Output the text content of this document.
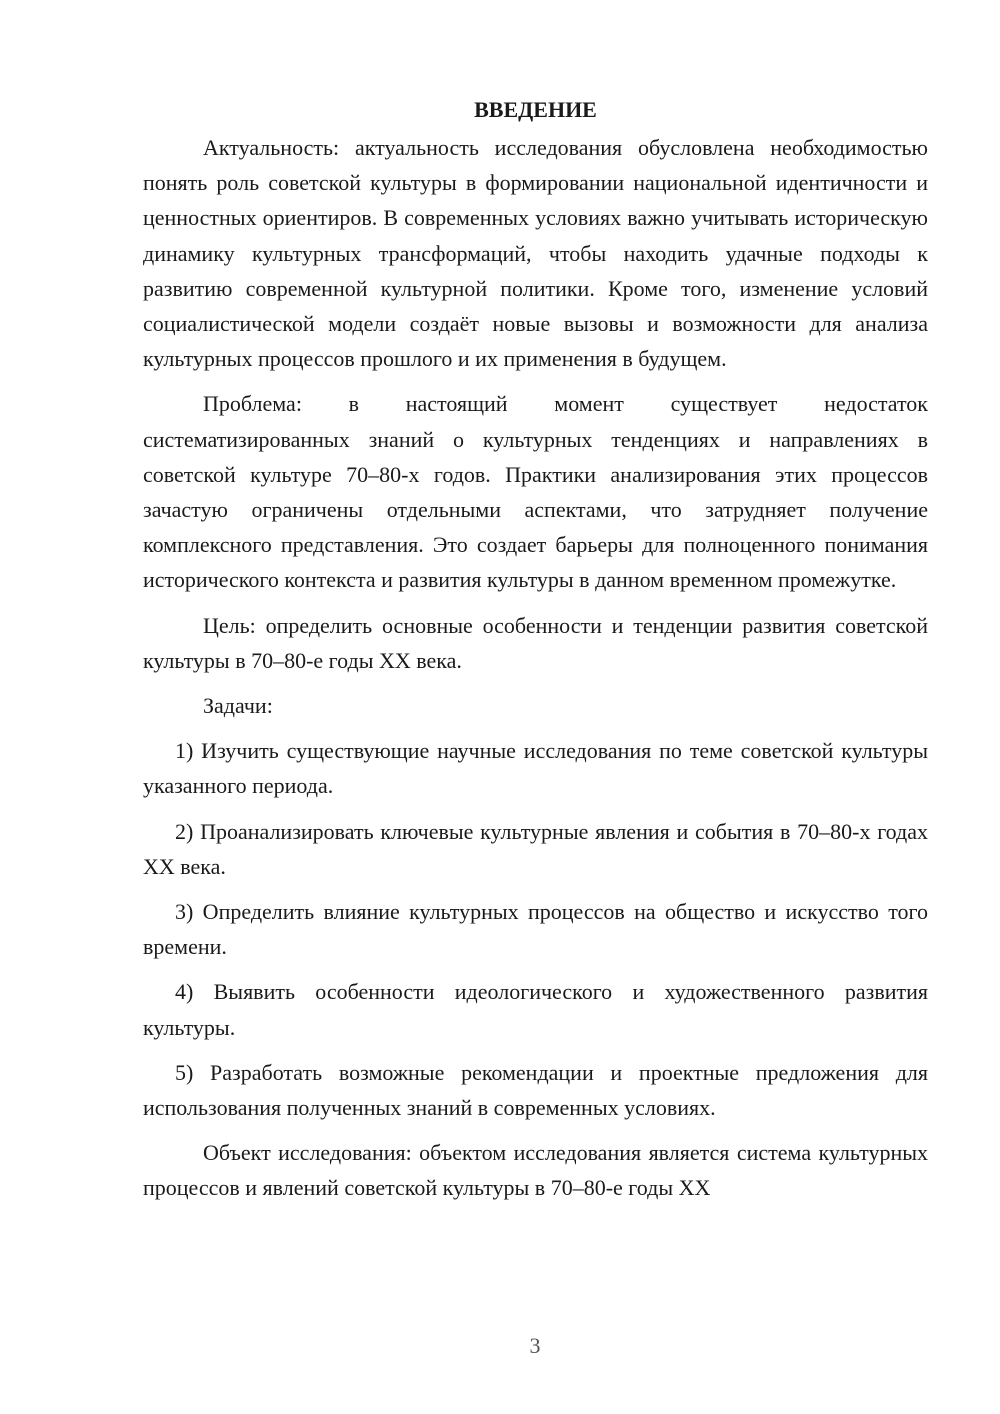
ВВЕДЕНИЕ

Актуальность: актуальность исследования обусловлена необходимостью понять роль советской культуры в формировании национальной идентичности и ценностных ориентиров. В современных условиях важно учитывать историческую динамику культурных трансформаций, чтобы находить удачные подходы к развитию современной культурной политики. Кроме того, изменение условий социалистической модели создаёт новые вызовы и возможности для анализа культурных процессов прошлого и их применения в будущем.

Проблема: в настоящий момент существует недостаток систематизированных знаний о культурных тенденциях и направлениях в советской культуре 70–80-х годов. Практики анализирования этих процессов зачастую ограничены отдельными аспектами, что затрудняет получение комплексного представления. Это создает барьеры для полноценного понимания исторического контекста и развития культуры в данном временном промежутке.

Цель: определить основные особенности и тенденции развития советской культуры в 70–80-е годы XX века.

Задачи:

1) Изучить существующие научные исследования по теме советской культуры указанного периода.

2) Проанализировать ключевые культурные явления и события в 70–80-х годах XX века.

3) Определить влияние культурных процессов на общество и искусство того времени.

4) Выявить особенности идеологического и художественного развития культуры.

5) Разработать возможные рекомендации и проектные предложения для использования полученных знаний в современных условиях.

Объект исследования: объектом исследования является система культурных процессов и явлений советской культуры в 70–80-е годы XX

3
